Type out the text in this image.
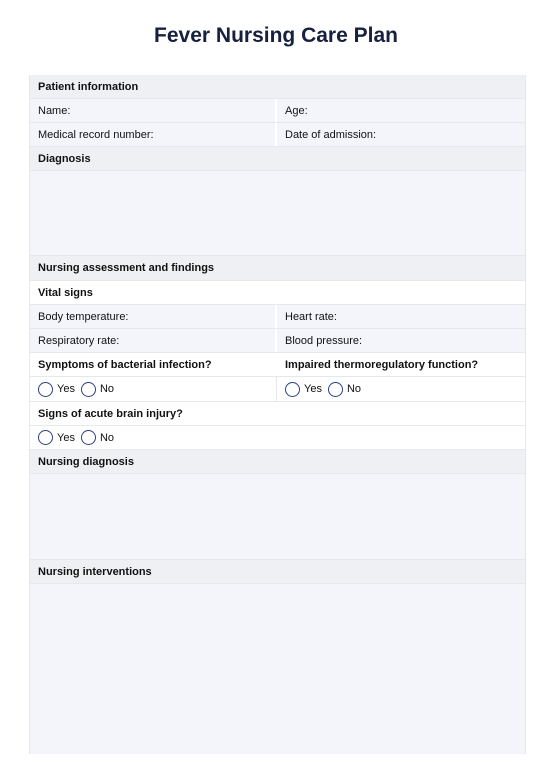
Fever Nursing Care Plan
Patient information
Name:	Age:
Medical record number:	Date of admission:
Diagnosis
Nursing assessment and findings
Vital signs
Body temperature:	Heart rate:
Respiratory rate:	Blood pressure:
Symptoms of bacterial infection?	Impaired thermoregulatory function?
Yes No	Yes No
Signs of acute brain injury?
Yes No
Nursing diagnosis
Nursing interventions
